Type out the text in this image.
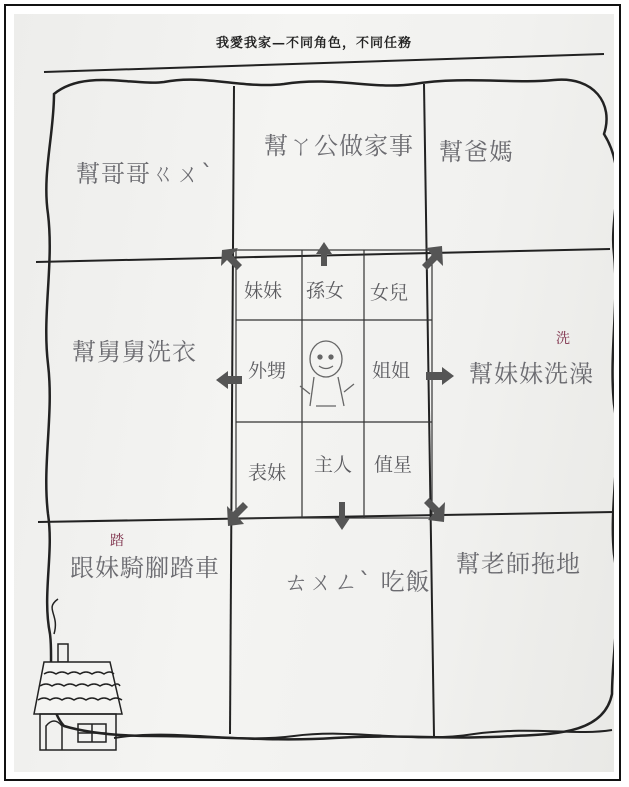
我愛我家—不同角色，不同任務
幫哥哥ㄍㄨˋ
幫ㄚ公做家事 幫爸媽
幫舅舅洗衣	洗
幫妹妹洗澡
踏
跟妹騎腳踏車	ㄊㄨㄥˋ 吃飯
幫老師拖地
妹妹 孫女 女兒
外甥	姐姐
表妹 主人 值星
